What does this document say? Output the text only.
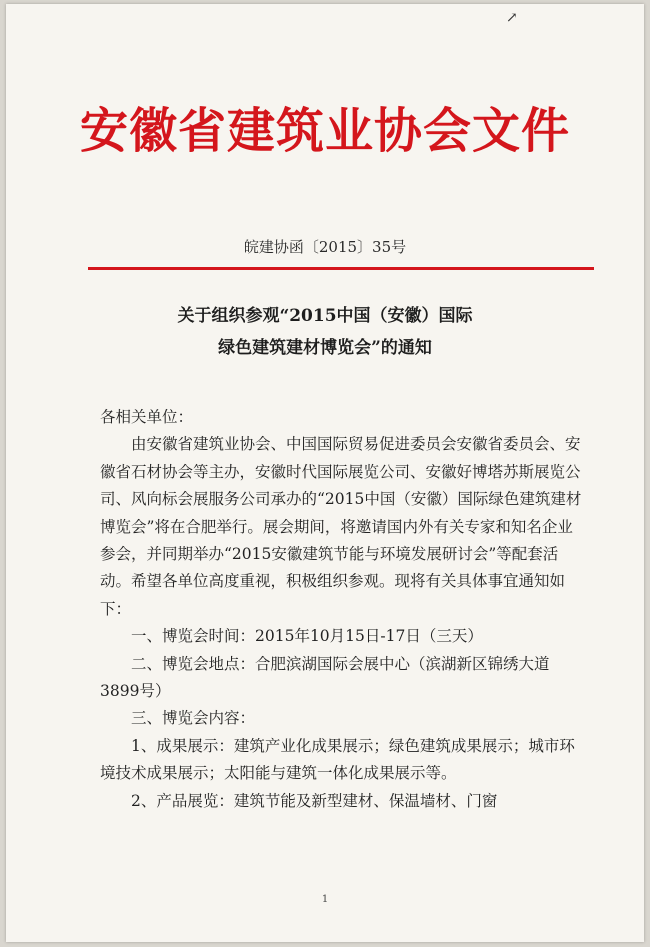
↗
安徽省建筑业协会文件
皖建协函〔2015〕35号
关于组织参观“2015中国（安徽）国际
绿色建筑建材博览会”的通知

各相关单位：

由安徽省建筑业协会、中国国际贸易促进委员会安徽省委员会、安徽省石材协会等主办，安徽时代国际展览公司、安徽好博塔苏斯展览公司、风向标会展服务公司承办的“2015中国（安徽）国际绿色建筑建材博览会”将在合肥举行。展会期间，将邀请国内外有关专家和知名企业参会，并同期举办“2015安徽建筑节能与环境发展研讨会”等配套活动。希望各单位高度重视，积极组织参观。现将有关具体事宜通知如下：

一、博览会时间：2015年10月15日-17日（三天）

二、博览会地点：合肥滨湖国际会展中心（滨湖新区锦绣大道3899号）

三、博览会内容：

1、成果展示：建筑产业化成果展示；绿色建筑成果展示；城市环境技术成果展示；太阳能与建筑一体化成果展示等。

2、产品展览：建筑节能及新型建材、保温墙材、门窗

1
